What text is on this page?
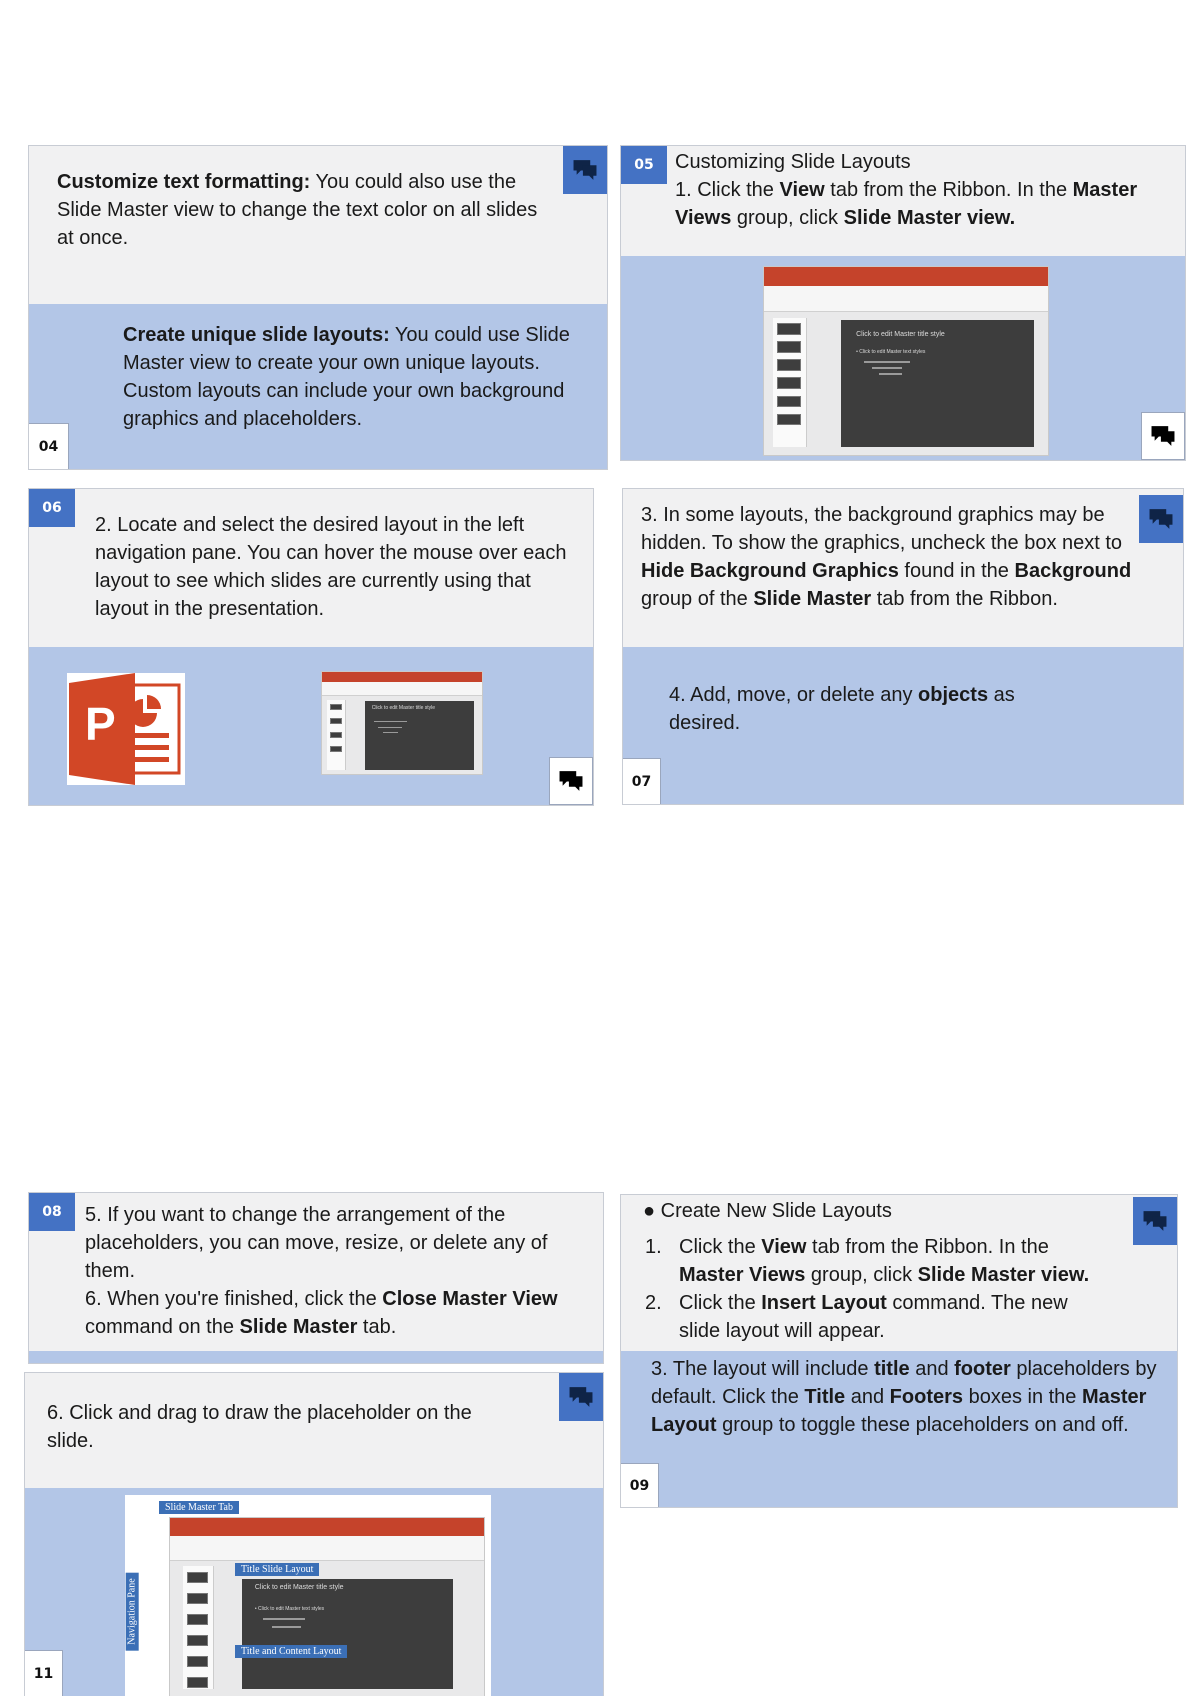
Customize text formatting: You could also use the Slide Master view to change the text color on all slides at once.
Create unique slide layouts: You could use Slide Master view to create your own unique layouts. Custom layouts can include your own background graphics and placeholders.
04
05	Customizing Slide Layouts
1. Click the View tab from the Ribbon. In the Master Views group, click Slide Master view.
Click to edit Master title style
• Click to edit Master text styles
06
2. Locate and select the desired layout in the left navigation pane. You can hover the mouse over each layout to see which slides are currently using that layout in the presentation.
P	Click to edit Master title style
3. In some layouts, the background graphics may be hidden. To show the graphics, uncheck the box next to Hide Background Graphics found in the Background group of the Slide Master tab from the Ribbon.
4. Add, move, or delete any objects as desired.
07
08	5. If you want to change the arrangement of the placeholders, you can move, resize, or delete any of them.
6. When you're finished, click the Close Master View command on the Slide Master tab.
6. Click and drag to draw the placeholder on the slide.
Click to edit Master title style
• Click to edit Master text styles
Slide Master Tab
Title Slide Layout
Title and Content Layout
Navigation Pane
11
● Create New Slide Layouts
1. Click the View tab from the Ribbon. In the Master Views group, click Slide Master view.
2. Click the Insert Layout command. The new slide layout will appear.
3. The layout will include title and footer placeholders by default. Click the Title and Footers boxes in the Master Layout group to toggle these placeholders on and off.
09
